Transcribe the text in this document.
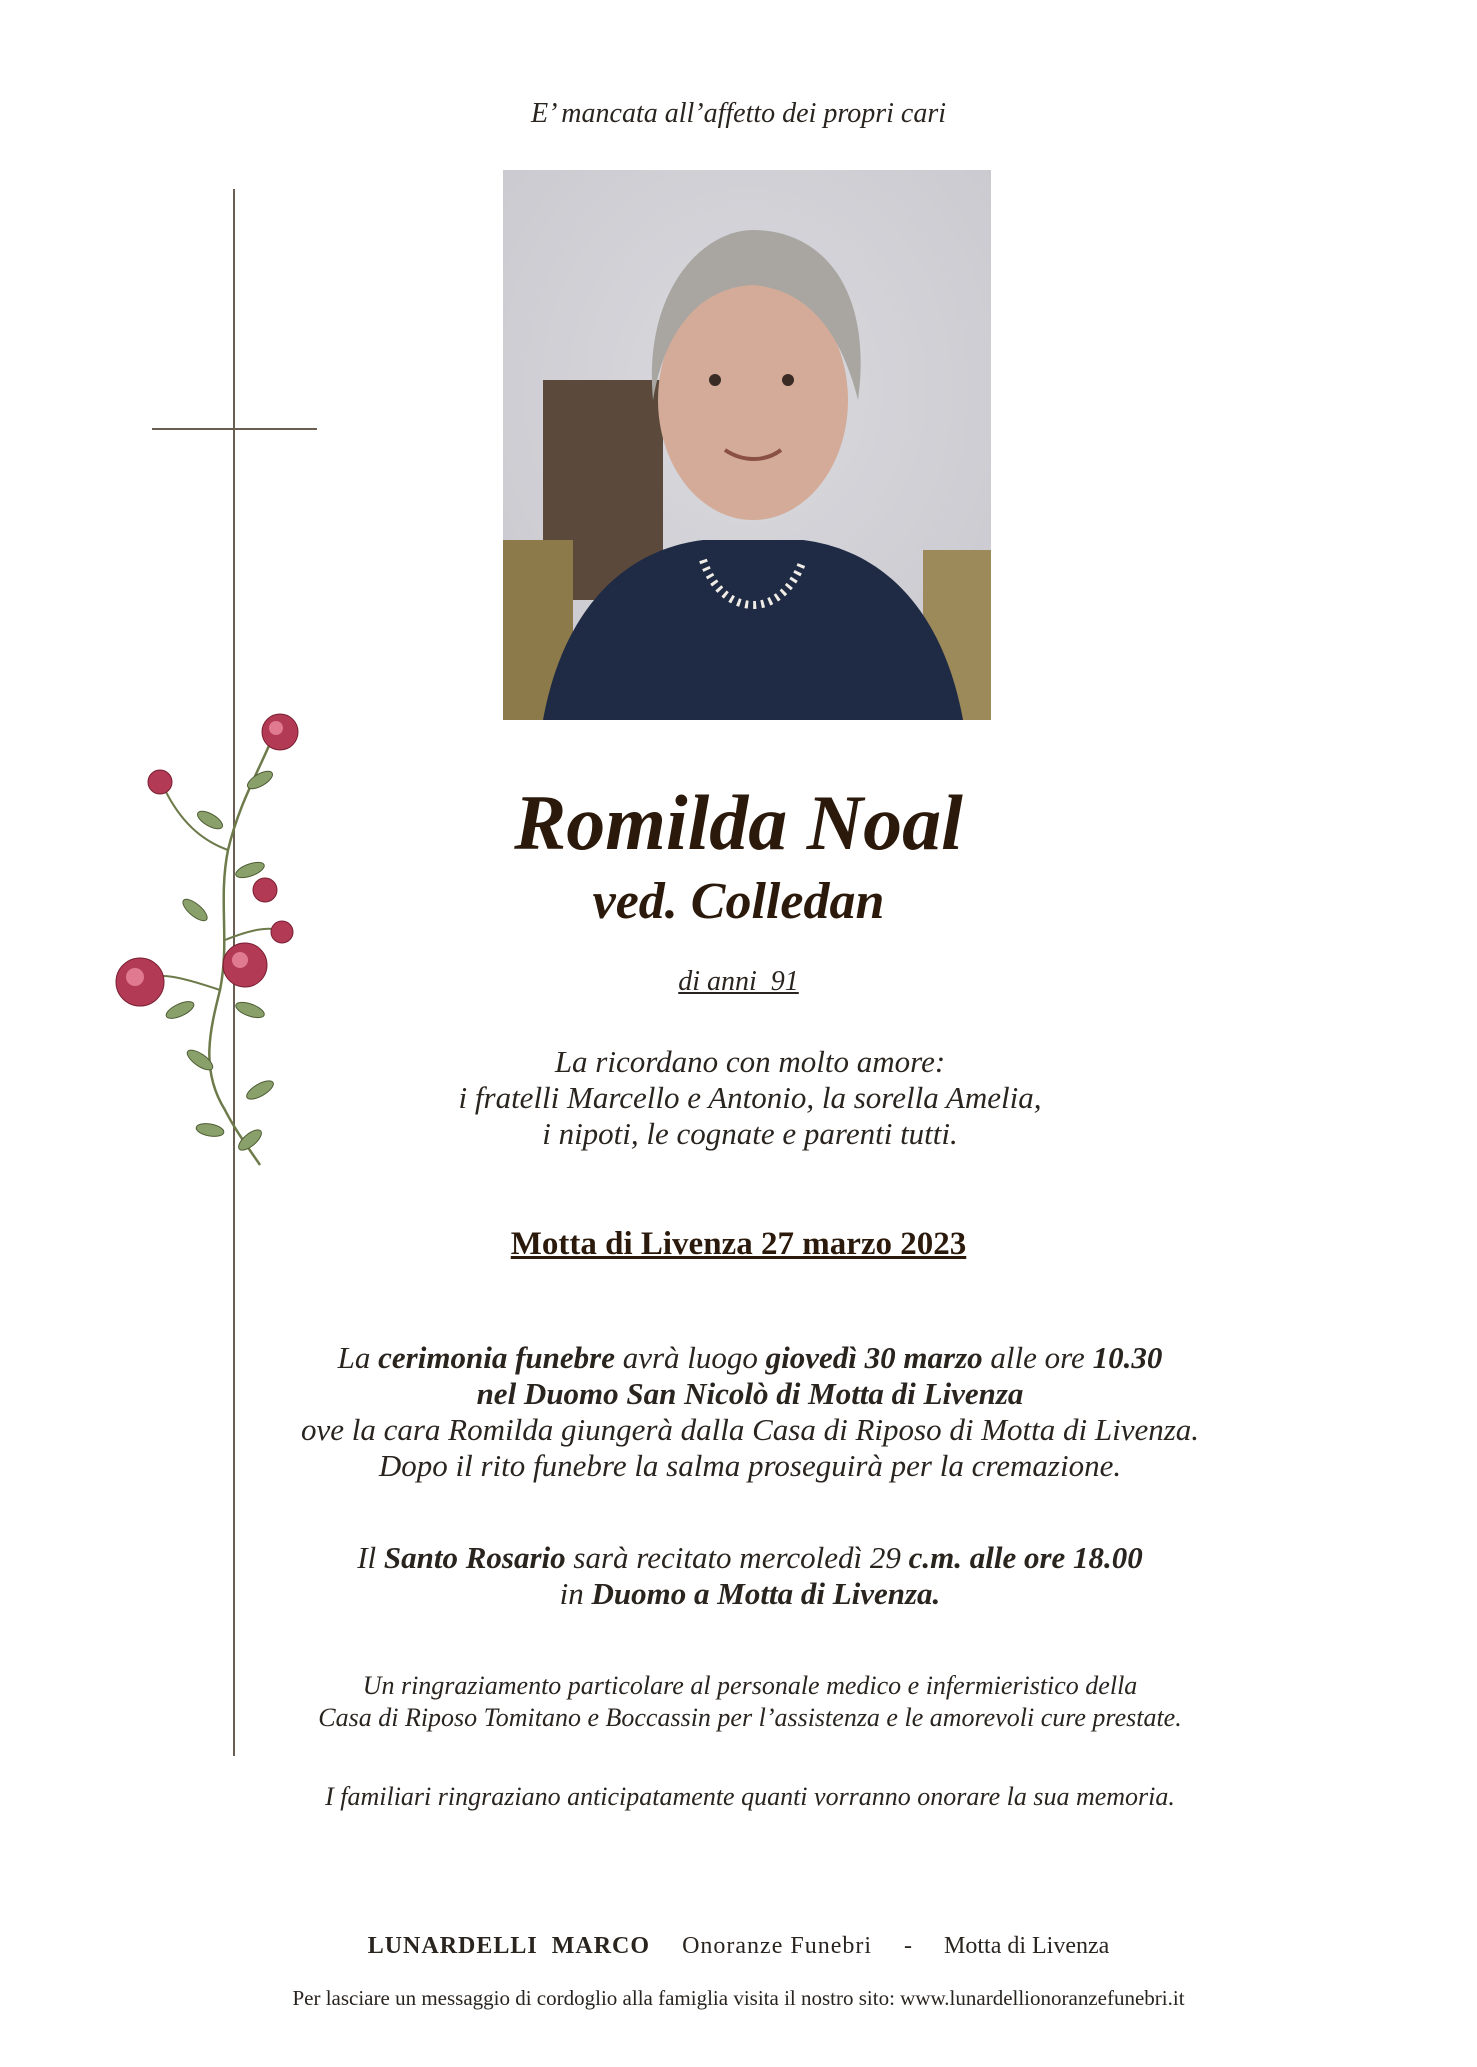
E’ mancata all’affetto dei propri cari
Romilda Noal
ved. Colledan
di anni  91
La ricordano con molto amore:
i fratelli Marcello e Antonio, la sorella Amelia,
i nipoti, le cognate e parenti tutti.
Motta di Livenza 27 marzo 2023
La cerimonia funebre avrà luogo giovedì 30 marzo alle ore 10.30
nel Duomo San Nicolò di Motta di Livenza
ove la cara Romilda giungerà dalla Casa di Riposo di Motta di Livenza.
Dopo il rito funebre la salma proseguirà per la cremazione.
Il Santo Rosario sarà recitato mercoledì 29 c.m. alle ore 18.00
in Duomo a Motta di Livenza.
Un ringraziamento particolare al personale medico e infermieristico della
Casa di Riposo Tomitano e Boccassin per l’assistenza e le amorevoli cure prestate.
I familiari ringraziano anticipatamente quanti vorranno onorare la sua memoria.
LUNARDELLI  MARCO Onoranze Funebri - Motta di Livenza
Per lasciare un messaggio di cordoglio alla famiglia visita il nostro sito: www.lunardellionoranzefunebri.it
